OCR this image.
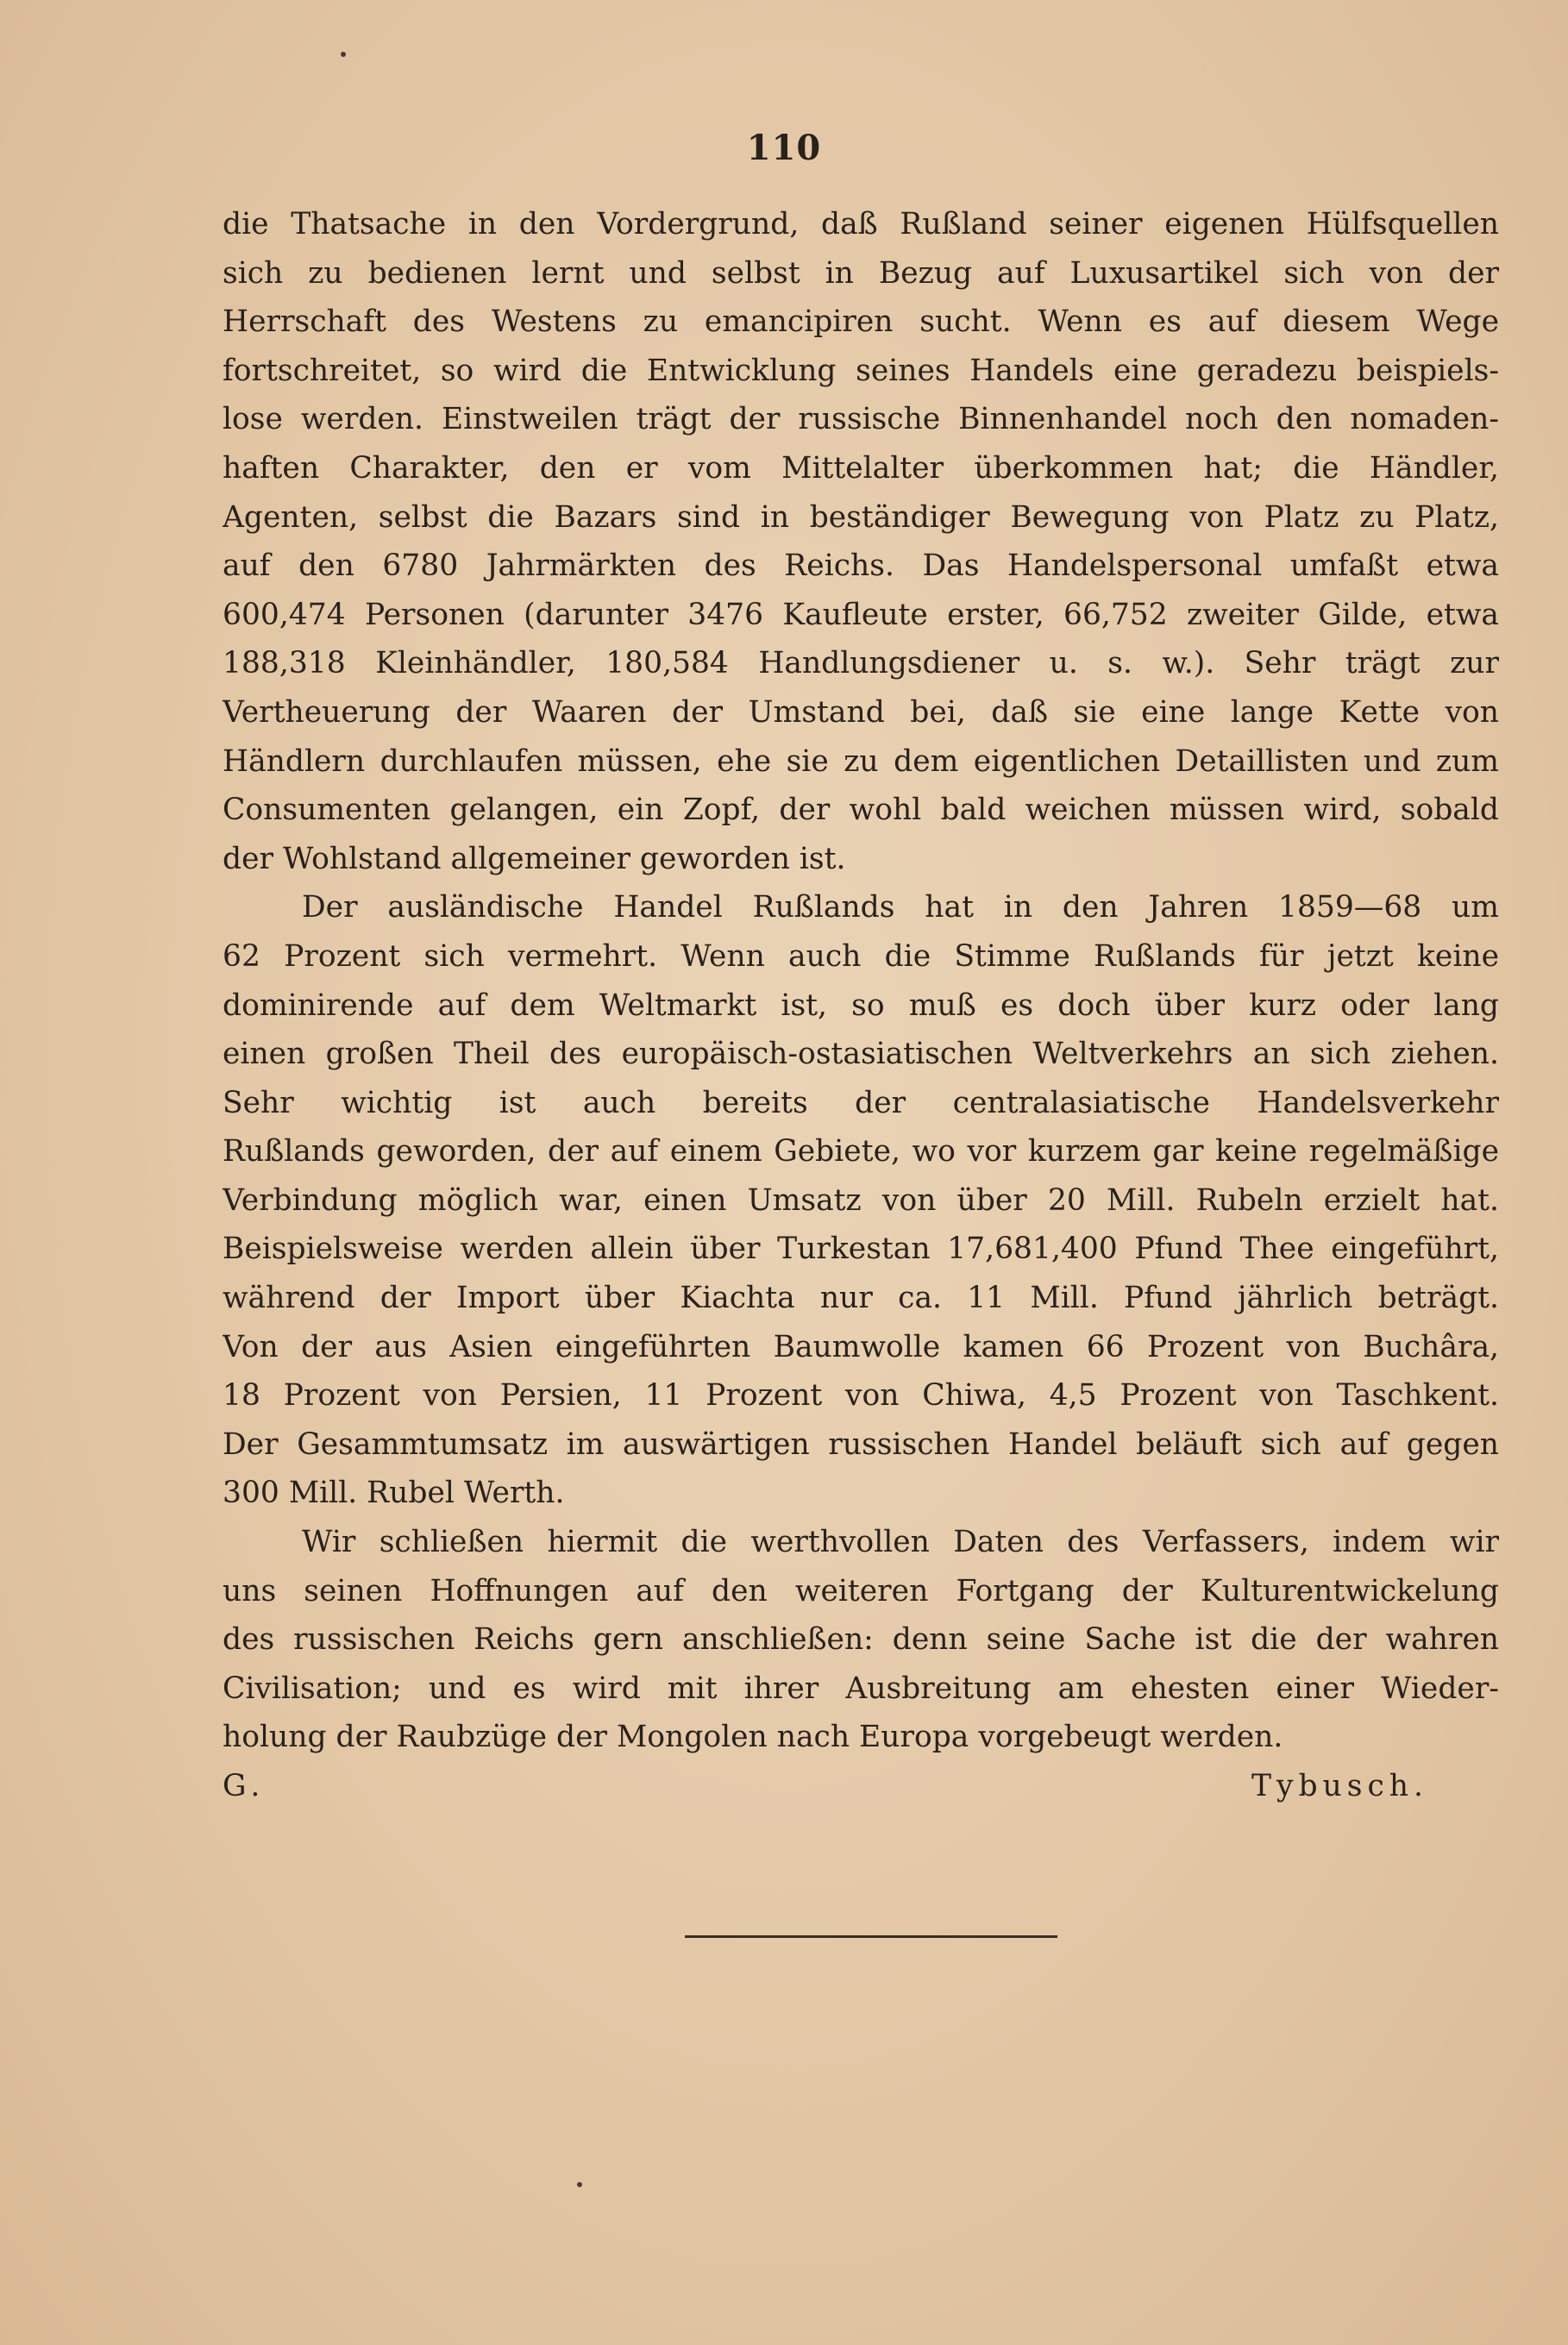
110
die Thatsache in den Vordergrund, daß Rußland seiner eigenen Hülfsquellen
sich zu bedienen lernt und selbst in Bezug auf Luxusartikel sich von der
Herrschaft des Westens zu emancipiren sucht. Wenn es auf diesem Wege
fortschreitet, so wird die Entwicklung seines Handels eine geradezu beispiels-
lose werden. Einstweilen trägt der russische Binnenhandel noch den nomaden-
haften Charakter, den er vom Mittelalter überkommen hat; die Händler,
Agenten, selbst die Bazars sind in beständiger Bewegung von Platz zu Platz,
auf den 6780 Jahrmärkten des Reichs. Das Handelspersonal umfaßt etwa
600,474 Personen (darunter 3476 Kaufleute erster, 66,752 zweiter Gilde, etwa
188,318 Kleinhändler, 180,584 Handlungsdiener u. s. w.). Sehr trägt zur
Vertheuerung der Waaren der Umstand bei, daß sie eine lange Kette von
Händlern durchlaufen müssen, ehe sie zu dem eigentlichen Detaillisten und zum
Consumenten gelangen, ein Zopf, der wohl bald weichen müssen wird, sobald
der Wohlstand allgemeiner geworden ist.
Der ausländische Handel Rußlands hat in den Jahren 1859—68 um
62 Prozent sich vermehrt. Wenn auch die Stimme Rußlands für jetzt keine
dominirende auf dem Weltmarkt ist, so muß es doch über kurz oder lang
einen großen Theil des europäisch-ostasiatischen Weltverkehrs an sich ziehen.
Sehr wichtig ist auch bereits der centralasiatische Handelsverkehr
Rußlands geworden, der auf einem Gebiete, wo vor kurzem gar keine regelmäßige
Verbindung möglich war, einen Umsatz von über 20 Mill. Rubeln erzielt hat.
Beispielsweise werden allein über Turkestan 17,681,400 Pfund Thee eingeführt,
während der Import über Kiachta nur ca. 11 Mill. Pfund jährlich beträgt.
Von der aus Asien eingeführten Baumwolle kamen 66 Prozent von Buchâra,
18 Prozent von Persien, 11 Prozent von Chiwa, 4,5 Prozent von Taschkent.
Der Gesammtumsatz im auswärtigen russischen Handel beläuft sich auf gegen
300 Mill. Rubel Werth.
Wir schließen hiermit die werthvollen Daten des Verfassers, indem wir
uns seinen Hoffnungen auf den weiteren Fortgang der Kulturentwickelung
des russischen Reichs gern anschließen: denn seine Sache ist die der wahren
Civilisation; und es wird mit ihrer Ausbreitung am ehesten einer Wieder-
holung der Raubzüge der Mongolen nach Europa vorgebeugt werden.
G. Tybusch.
